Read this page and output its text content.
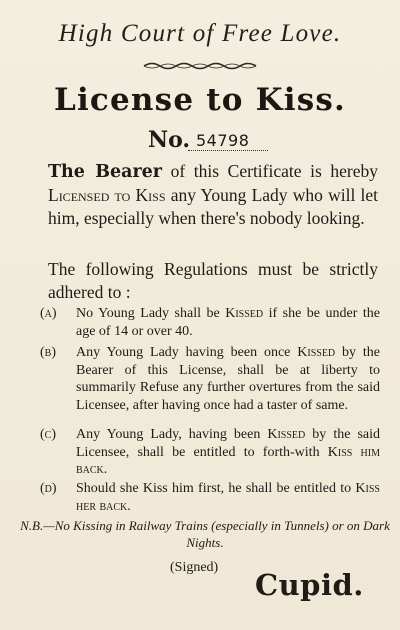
High Court of Free Love.
License to Kiss.
No. 54798
The Bearer of this Certificate is hereby Licensed to Kiss any Young Lady who will let him, especially when there's nobody looking.
The following Regulations must be strictly adhered to :
(a)	No Young Lady shall be Kissed if she be under the age of 14 or over 40.
(b)	Any Young Lady having been once Kissed by the Bearer of this License, shall be at liberty to summarily Refuse any further overtures from the said Licensee, after having once had a taster of same.
(c)	Any Young Lady, having been Kissed by the said Licensee, shall be entitled to forth-with Kiss him back.
(d)	Should she Kiss him first, he shall be entitled to Kiss her back.
N.B.—No Kissing in Railway Trains (especially in Tunnels) or on Dark Nights.
(Signed)
Cupid.
